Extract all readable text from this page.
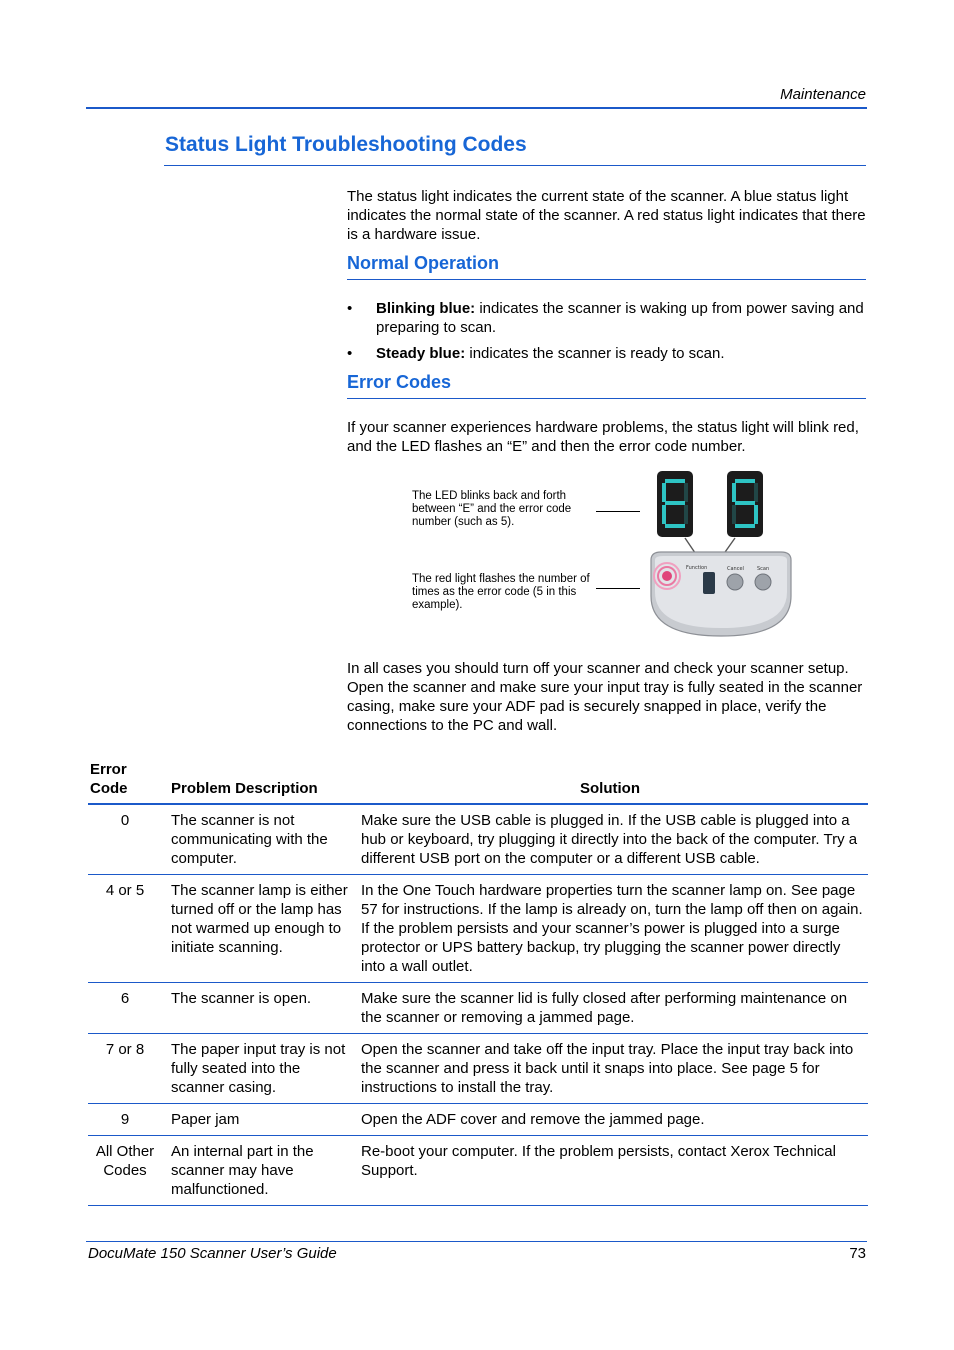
Maintenance
Status Light Troubleshooting Codes

The status light indicates the current state of the scanner. A blue status light indicates the normal state of the scanner. A red status light indicates that there is a hardware issue.

Normal Operation
• Blinking blue: indicates the scanner is waking up from power saving and preparing to scan.
• Steady blue: indicates the scanner is ready to scan.
Error Codes

If your scanner experiences hardware problems, the status light will blink red, and the LED flashes an “E” and then the error code number.

The LED blinks back and forth between “E” and the error code number (such as 5).
The red light flashes the number of times as the error code (5 in this example).
Function	Cancel	Scan

In all cases you should turn off your scanner and check your scanner setup. Open the scanner and make sure your input tray is fully seated in the scanner casing, make sure your ADF pad is securely snapped in place, verify the connections to the PC and wall.

Error Code	Problem Description	Solution
0	The scanner is not communicating with the computer.	Make sure the USB cable is plugged in. If the USB cable is plugged into a hub or keyboard, try plugging it directly into the back of the computer. Try a different USB port on the computer or a different USB cable.
4 or 5	The scanner lamp is either turned off or the lamp has not warmed up enough to initiate scanning.	In the One Touch hardware properties turn the scanner lamp on. See page 57 for instructions. If the lamp is already on, turn the lamp off then on again. If the problem persists and your scanner’s power is plugged into a surge protector or UPS battery backup, try plugging the scanner power directly into a wall outlet.
6	The scanner is open.	Make sure the scanner lid is fully closed after performing maintenance on the scanner or removing a jammed page.
7 or 8	The paper input tray is not fully seated into the scanner casing.	Open the scanner and take off the input tray. Place the input tray back into the scanner and press it back until it snaps into place. See page 5 for instructions to install the tray.
9	Paper jam	Open the ADF cover and remove the jammed page.
All Other Codes	An internal part in the scanner may have malfunctioned.	Re-boot your computer. If the problem persists, contact Xerox Technical Support.
DocuMate 150 Scanner User’s Guide	73
